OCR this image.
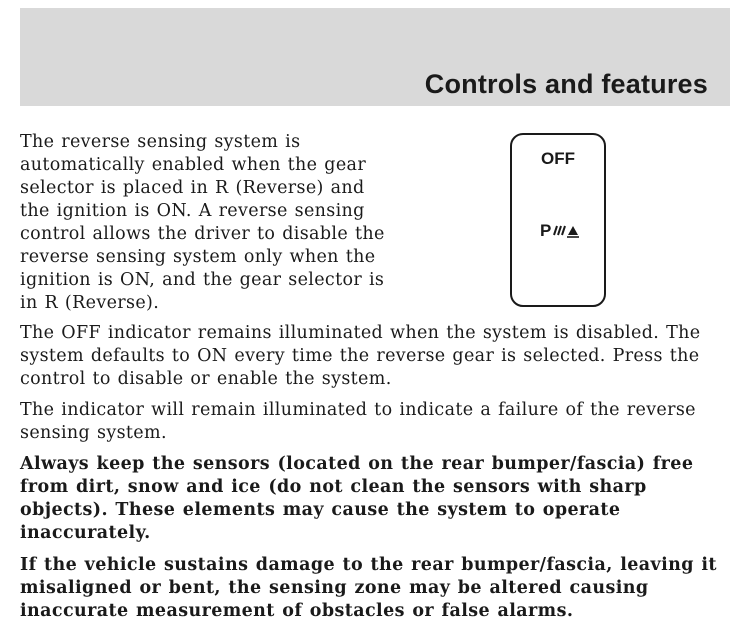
Controls and features

The reverse sensing system is automatically enabled when the gear selector is placed in R (Reverse) and the ignition is ON. A reverse sensing control allows the driver to disable the reverse sensing system only when the ignition is ON, and the gear selector is in R (Reverse).

OFF
P

The OFF indicator remains illuminated when the system is disabled. The system defaults to ON every time the reverse gear is selected. Press the control to disable or enable the system.

The indicator will remain illuminated to indicate a failure of the reverse sensing system.

Always keep the sensors (located on the rear bumper/fascia) free from dirt, snow and ice (do not clean the sensors with sharp objects). These elements may cause the system to operate inaccurately.

If the vehicle sustains damage to the rear bumper/fascia, leaving it misaligned or bent, the sensing zone may be altered causing inaccurate measurement of obstacles or false alarms.
